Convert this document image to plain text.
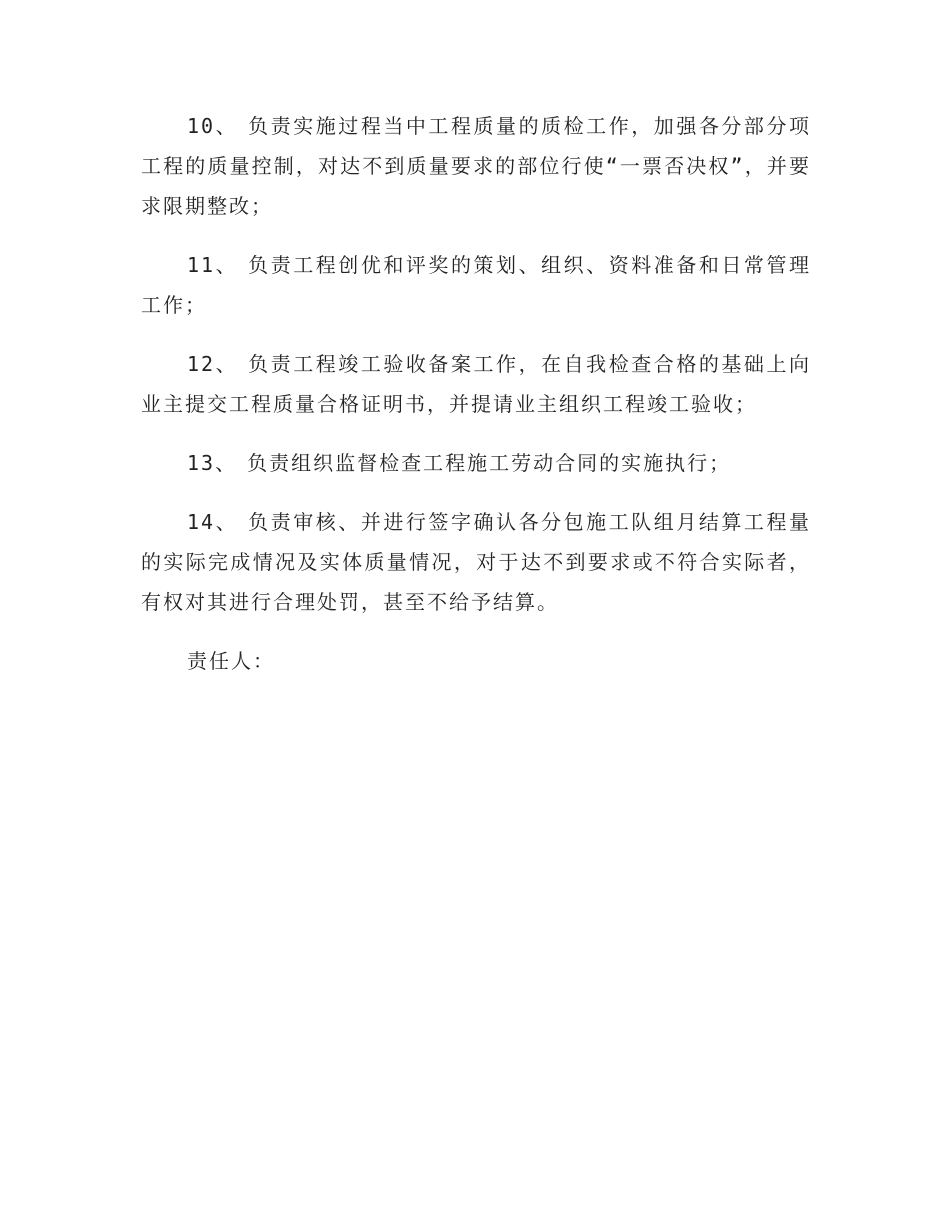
10、 负责实施过程当中工程质量的质检工作，加强各分部分项工程的质量控制，对达不到质量要求的部位行使“一票否决权”，并要求限期整改；

11、 负责工程创优和评奖的策划、组织、资料准备和日常管理工作；

12、 负责工程竣工验收备案工作，在自我检查合格的基础上向业主提交工程质量合格证明书，并提请业主组织工程竣工验收；

13、 负责组织监督检查工程施工劳动合同的实施执行；

14、 负责审核、并进行签字确认各分包施工队组月结算工程量的实际完成情况及实体质量情况，对于达不到要求或不符合实际者，有权对其进行合理处罚，甚至不给予结算。

责任人：
